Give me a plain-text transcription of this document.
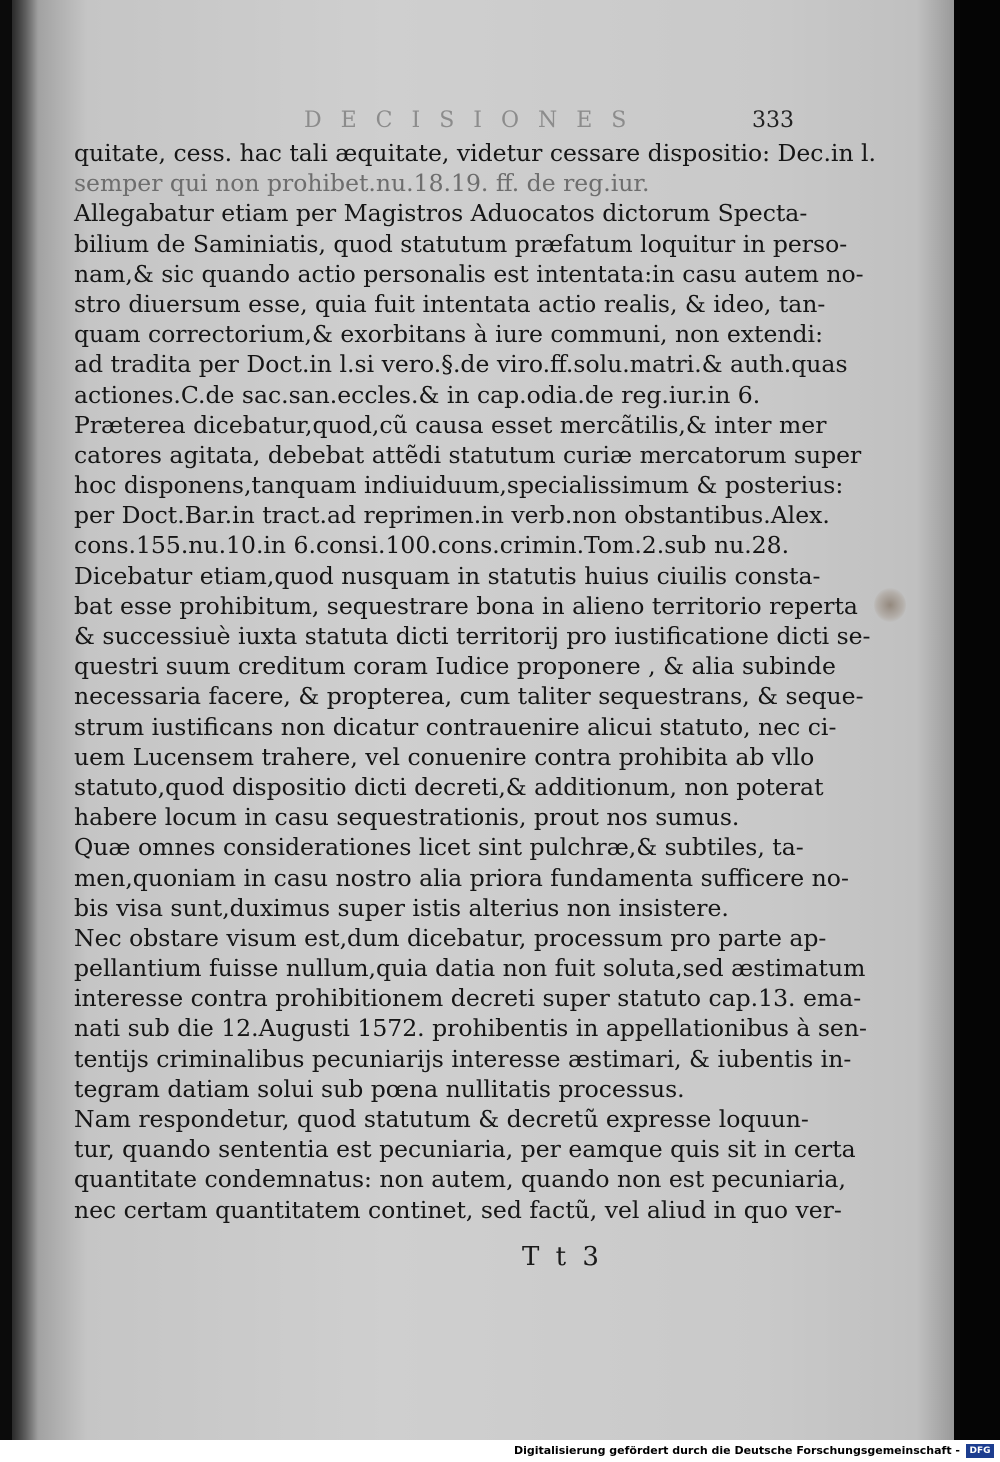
D E C I S I O N E S	333
quitate, cess. hac tali æquitate, videtur cessare dispositio: Dec.in l.
semper qui non prohibet.nu.18.19. ff. de reg.iur.
Allegabatur etiam per Magistros Aduocatos dictorum Specta-
bilium de Saminiatis, quod statutum præfatum loquitur in perso-
nam,& sic quando actio personalis est intentata:in casu autem no-
stro diuersum esse, quia fuit intentata actio realis, & ideo, tan-
quam correctorium,& exorbitans à iure communi, non extendi:
ad tradita per Doct.in l.si vero.§.de viro.ff.solu.matri.& auth.quas
actiones.C.de sac.san.eccles.& in cap.odia.de reg.iur.in 6.
Præterea dicebatur,quod,cũ causa esset mercãtilis,& inter mer
catores agitata, debebat attẽdi statutum curiæ mercatorum super
hoc disponens,tanquam indiuiduum,specialissimum & posterius:
per Doct.Bar.in tract.ad reprimen.in verb.non obstantibus.Alex.
cons.155.nu.10.in 6.consi.100.cons.crimin.Tom.2.sub nu.28.
Dicebatur etiam,quod nusquam in statutis huius ciuilis consta-
bat esse prohibitum, sequestrare bona in alieno territorio reperta
& successiuè iuxta statuta dicti territorij pro iustificatione dicti se-
questri suum creditum coram Iudice proponere , & alia subinde
necessaria facere, & propterea, cum taliter sequestrans, & seque-
strum iustificans non dicatur contrauenire alicui statuto, nec ci-
uem Lucensem trahere, vel conuenire contra prohibita ab vllo
statuto,quod dispositio dicti decreti,& additionum, non poterat
habere locum in casu sequestrationis, prout nos sumus.
Quæ omnes considerationes licet sint pulchræ,& subtiles, ta-
men,quoniam in casu nostro alia priora fundamenta sufficere no-
bis visa sunt,duximus super istis alterius non insistere.
Nec obstare visum est,dum dicebatur, processum pro parte ap-
pellantium fuisse nullum,quia datia non fuit soluta,sed æstimatum
interesse contra prohibitionem decreti super statuto cap.13. ema-
nati sub die 12.Augusti 1572. prohibentis in appellationibus à sen-
tentijs criminalibus pecuniarijs interesse æstimari, & iubentis in-
tegram datiam solui sub pœna nullitatis processus.
Nam respondetur, quod statutum & decretũ expresse loquun-
tur, quando sententia est pecuniaria, per eamque quis sit in certa
quantitate condemnatus: non autem, quando non est pecuniaria,
nec certam quantitatem continet, sed factũ, vel aliud in quo ver-
T t 3
Digitalisierung gefördert durch die Deutsche Forschungsgemeinschaft -	DFG
